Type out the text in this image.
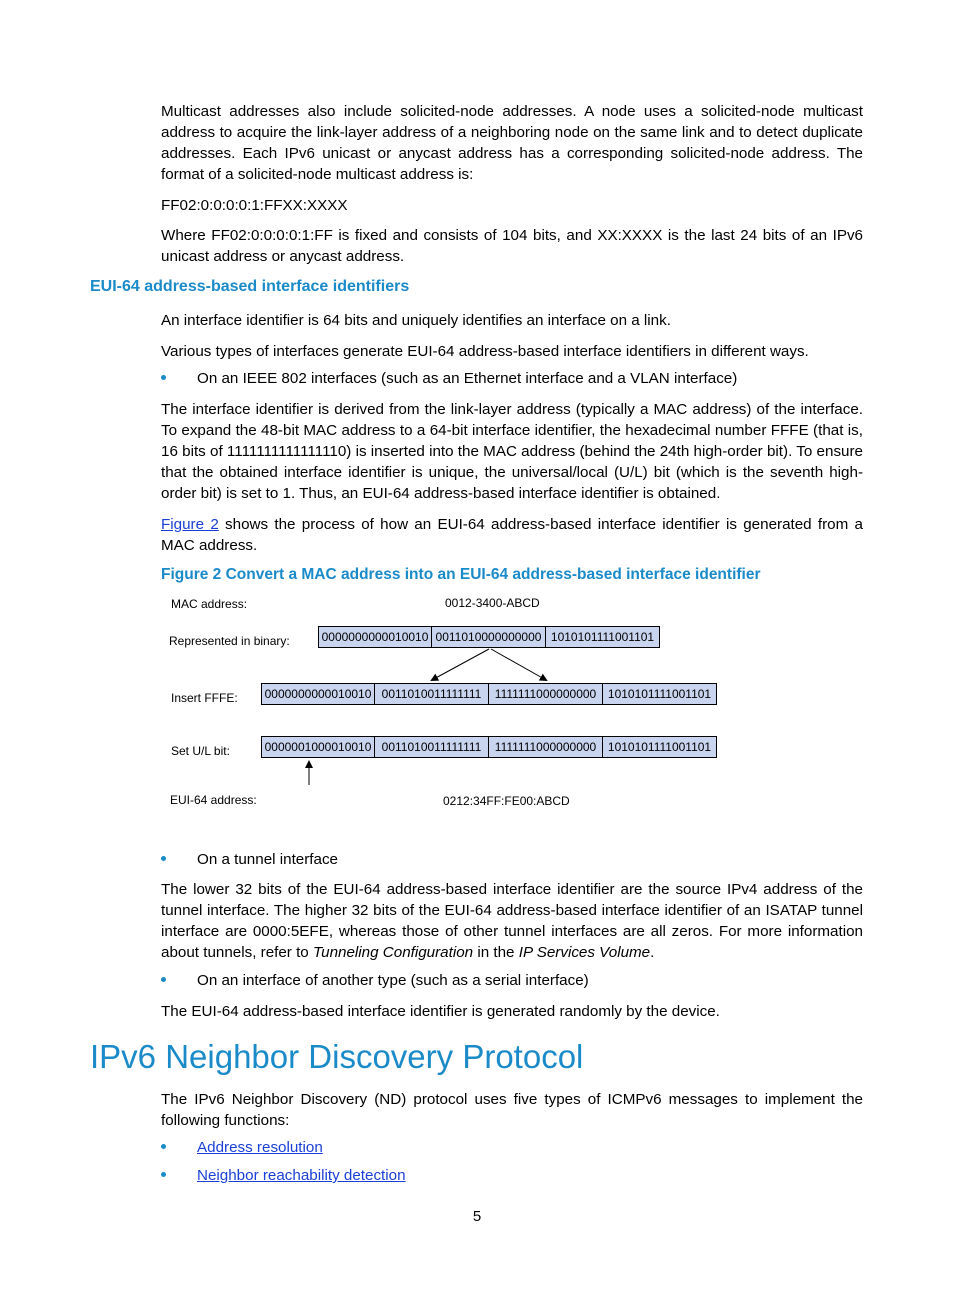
Multicast addresses also include solicited-node addresses. A node uses a solicited-node multicast address to acquire the link-layer address of a neighboring node on the same link and to detect duplicate addresses. Each IPv6 unicast or anycast address has a corresponding solicited-node address. The format of a solicited-node multicast address is:

FF02:0:0:0:0:1:FFXX:XXXX

Where FF02:0:0:0:0:1:FF is fixed and consists of 104 bits, and XX:XXXX is the last 24 bits of an IPv6 unicast address or anycast address.

EUI-64 address-based interface identifiers

An interface identifier is 64 bits and uniquely identifies an interface on a link.

Various types of interfaces generate EUI-64 address-based interface identifiers in different ways.

On an IEEE 802 interfaces (such as an Ethernet interface and a VLAN interface)

The interface identifier is derived from the link-layer address (typically a MAC address) of the interface. To expand the 48-bit MAC address to a 64-bit interface identifier, the hexadecimal number FFFE (that is, 16 bits of 1111111111111110) is inserted into the MAC address (behind the 24th high-order bit). To ensure that the obtained interface identifier is unique, the universal/local (U/L) bit (which is the seventh high-order bit) is set to 1. Thus, an EUI-64 address-based interface identifier is obtained.

Figure 2 shows the process of how an EUI-64 address-based interface identifier is generated from a MAC address.

Figure 2 Convert a MAC address into an EUI-64 address-based interface identifier

MAC address:	0012-3400-ABCD
Represented in binary:	0000000000010010 0011010000000000 1010101111001101
Insert FFFE:	0000000000010010 0011010011111111	1111111000000000 1010101111001101
Set U/L bit:	0000001000010010 0011010011111111	1111111000000000 1010101111001101
EUI-64 address:	0212:34FF:FE00:ABCD
On a tunnel interface

The lower 32 bits of the EUI-64 address-based interface identifier are the source IPv4 address of the tunnel interface. The higher 32 bits of the EUI-64 address-based interface identifier of an ISATAP tunnel interface are 0000:5EFE, whereas those of other tunnel interfaces are all zeros. For more information about tunnels, refer to Tunneling Configuration in the IP Services Volume.

On an interface of another type (such as a serial interface)

The EUI-64 address-based interface identifier is generated randomly by the device.

IPv6 Neighbor Discovery Protocol

The IPv6 Neighbor Discovery (ND) protocol uses five types of ICMPv6 messages to implement the following functions:

Address resolution
Neighbor reachability detection
5
